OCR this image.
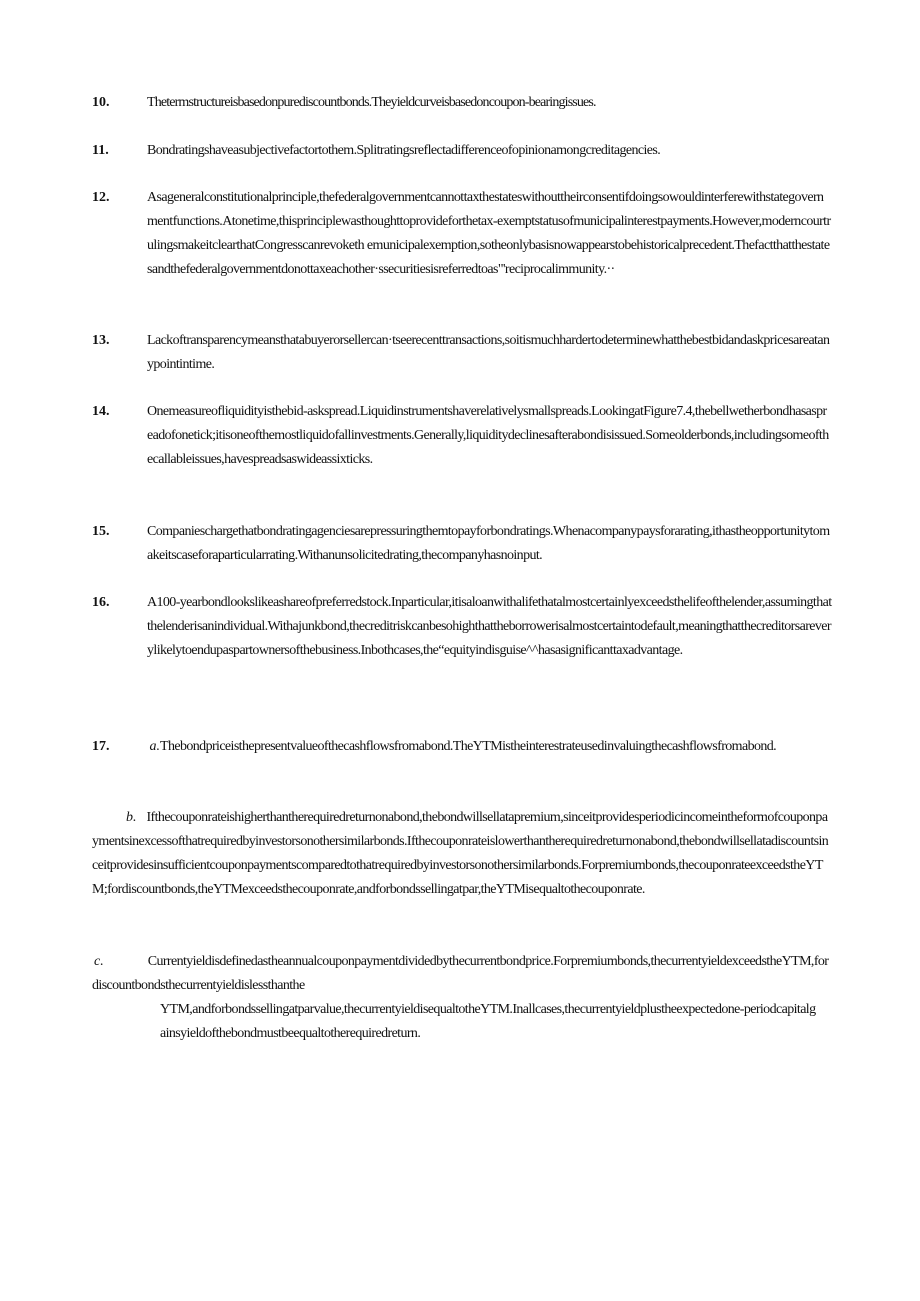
10.	Thetermstructureisbasedonpurediscountbonds.Theyieldcurveisbasedoncoupon-bearingissues.
11.	Bondratingshaveasubjectivefactortothem.Splitratingsreflectadifferenceofopinionamongcreditagencies.
12.	Asageneralconstitutionalprinciple,thefederalgovernmentcannottaxthestateswithouttheirconsentifdoingsowouldinterferewithstategovernmentfunctions.Atonetime,thisprinciplewasthoughttoprovideforthetax-exemptstatusofmunicipalinterestpayments.However,moderncourtrulingsmakeitclearthatCongresscanrevoketh emunicipalexemption,sotheonlybasisnowappearstobehistoricalprecedent.Thefactthatthestatesandthefederalgovernmentdonottaxeachother·ssecuritiesisreferredtoas"'reciprocalimmunity.··
13.	Lackoftransparencymeansthatabuyerorsellercan·tseerecenttransactions,soitismuchhardertodeterminewhatthebestbidandaskpricesareatanypointintime.
14.	Onemeasureofliquidityisthebid-askspread.Liquidinstrumentshaverelativelysmallspreads.LookingatFigure7.4,thebellwetherbondhasaspreadofonetick;itisoneofthemostliquidofallinvestments.Generally,liquiditydeclinesafterabondisissued.Someolderbonds,includingsomeofthecallableissues,havespreadsaswideassixticks.
15.	Companieschargethatbondratingagenciesarepressuringthemtopayforbondratings.Whenacompanypaysforarating,ithastheopportunitytomakeitscaseforaparticularrating.Withanunsolicitedrating,thecompanyhasnoinput.
16.	A100-yearbondlookslikeashareofpreferredstock.Inparticular,itisaloanwithalifethatalmostcertainlyexceedsthelifeofthelender,assumingthatthelenderisanindividual.Withajunkbond,thecreditriskcanbesohighthattheborrowerisalmostcertaintodefault,meaningthatthecreditorsareverylikelytoendupaspartownersofthebusiness.Inbothcases,the“equityindisguise^^hasasignificanttaxadvantage.
17.	a.Thebondpriceisthepresentvalueofthecashflowsfromabond.TheYTMistheinterestrateusedinvaluingthecashflowsfromabond.
b. Ifthecouponrateishigherthantherequiredreturnonabond,thebondwillsellatapremium,sinceitprovidesperiodicincomeintheformofcouponpaymentsinexcessofthatrequiredbyinvestorsonothersimilarbonds.Ifthecouponrateislowerthantherequiredreturnonabond,thebondwillsellatadiscountsinceitprovidesinsufficientcouponpaymentscomparedtothatrequiredbyinvestorsonothersimilarbonds.Forpremiumbonds,thecouponrateexceedstheYTM;fordiscountbonds,theYTMexceedsthecouponrate,andforbondssellingatpar,theYTMisequaltothecouponrate.
c.	Currentyieldisdefinedastheannualcouponpaymentdividedbythecurrentbondprice.Forpremiumbonds,thecurrentyieldexceedstheYTM,fordiscountbondsthecurrentyieldislessthanthe
YTM,andforbondssellingatparvalue,thecurrentyieldisequaltotheYTM.Inallcases,thecurrentyieldplustheexpectedone-periodcapitalgainsyieldofthebondmustbeequaltotherequiredreturn.
